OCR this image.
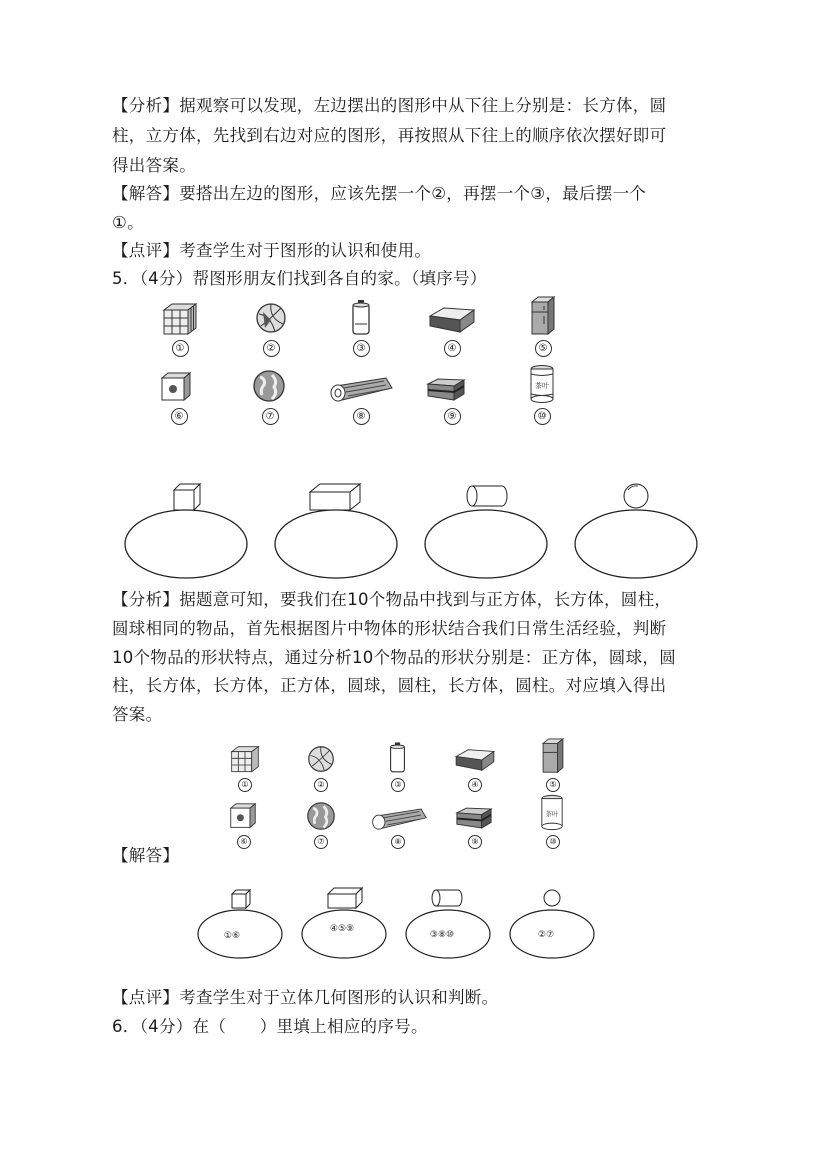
【分析】据观察可以发现，左边摆出的图形中从下往上分别是：长方体，圆
柱，立方体，先找到右边对应的图形，再按照从下往上的顺序依次摆好即可
得出答案。
【解答】要搭出左边的图形，应该先摆一个②，再摆一个③，最后摆一个
①。
【点评】考查学生对于图形的认识和使用。
5．（4分）帮图形朋友们找到各自的家。（填序号）
茶叶
①	②	③	④	⑤
⑥	⑦	⑧	⑨	⑩
【分析】据题意可知，要我们在10个物品中找到与正方体，长方体，圆柱，
圆球相同的物品，首先根据图片中物体的形状结合我们日常生活经验，判断
10个物品的形状特点，通过分析10个物品的形状分别是：正方体，圆球，圆
柱，长方体，长方体，正方体，圆球，圆柱，长方体，圆柱。对应填入得出
答案。
茶叶
①	②	③	④	⑤
⑥	⑦	⑧	⑨	⑩
【解答】
①⑥
④⑤⑨
③⑧⑩	②⑦
【点评】考查学生对于立体几何图形的认识和判断。
6．（4分）在（　　）里填上相应的序号。
